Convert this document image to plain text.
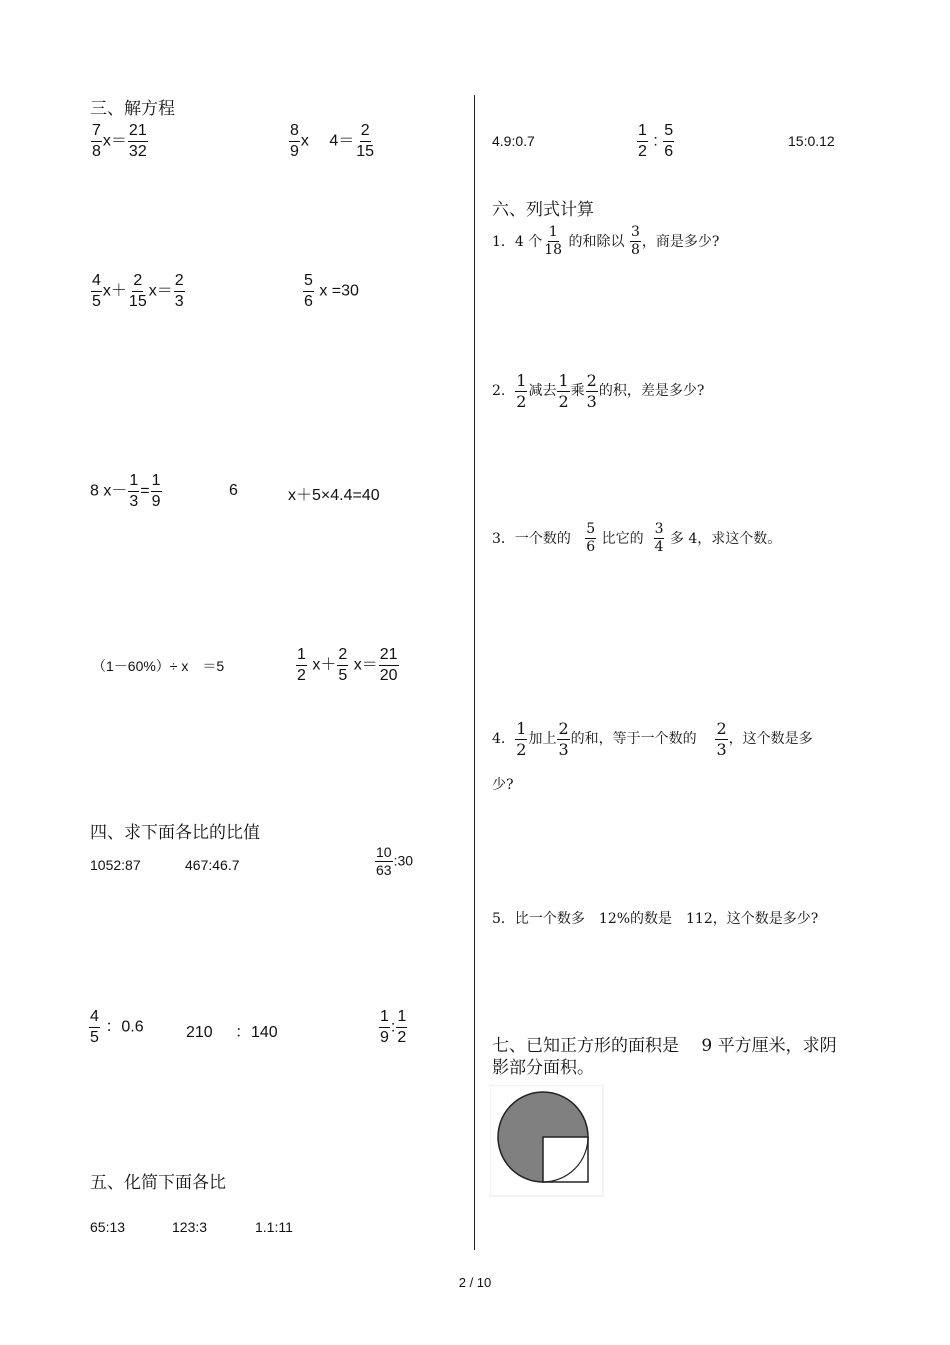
三、解方程
$\frac{7}{8} x= \frac{21}{32}$	$\frac{8}{9}$ x　 $4= \frac{2}{15}$
$\frac{4}{5} x+ \frac{2}{15} x= \frac{2}{3}$	$\frac{5}{6}$ x =30
8 $x- \frac{1}{3} = \frac{1}{9}$	6	x＋5×4.4=40
（1－60%）÷ x　＝5	$\frac{1}{2} x+ \frac{2}{5} x= \frac{21}{20}$
四、求下面各比的比值
1052:87	467:46.7	$\frac{10}{63}$ :30
$\frac{4}{5}$ ：0.6	210 ：140	$\frac{1}{9}$ : $\frac{1}{2}$
五、化简下面各比
65:13	123:3	1.1:11
4.9:0.7	$\frac{1}{2}$ : $\frac{5}{6}$	15:0.12
六、列式计算
1．4 个 $\frac{1}{18}$ 的和除以 $\frac{3}{8}$ ，商是多少?
2. $\frac{1}{2}$ 减去 $\frac{1}{2}$ 乘 $\frac{2}{3}$ 的积，差是多少?
3．一个数的 $\frac{5}{6}$ 比它的 $\frac{3}{4}$ 多 4，求这个数。
4. $\frac{1}{2}$ 加上 $\frac{2}{3}$ 的和，等于一个数的 $\frac{2}{3}$ ，这个数是多
少?
5．比一个数多　12%的数是　112，这个数是多少?
七、已知正方形的面积是　 9 平方厘米，求阴
影部分面积。
2 / 10
